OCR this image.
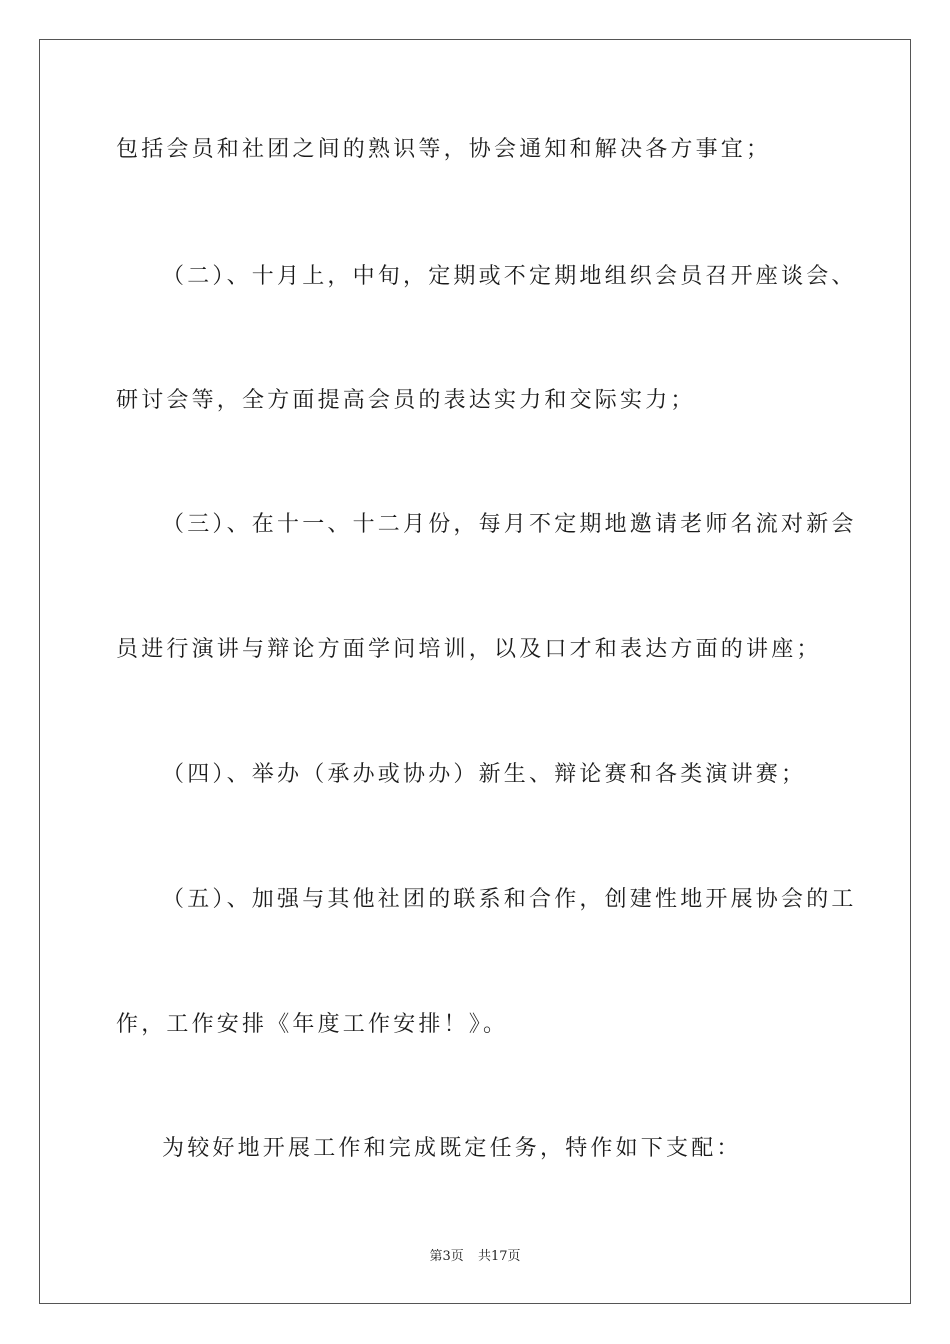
包括会员和社团之间的熟识等，协会通知和解决各方事宜；

（二）、十月上，中旬，定期或不定期地组织会员召开座谈会、

研讨会等，全方面提高会员的表达实力和交际实力；

（三）、在十一、十二月份，每月不定期地邀请老师名流对新会

员进行演讲与辩论方面学问培训，以及口才和表达方面的讲座；

（四）、举办（承办或协办）新生、辩论赛和各类演讲赛；

（五）、加强与其他社团的联系和合作，创建性地开展协会的工

作，工作安排《年度工作安排！》。

为较好地开展工作和完成既定任务，特作如下支配：

第3页 共17页
